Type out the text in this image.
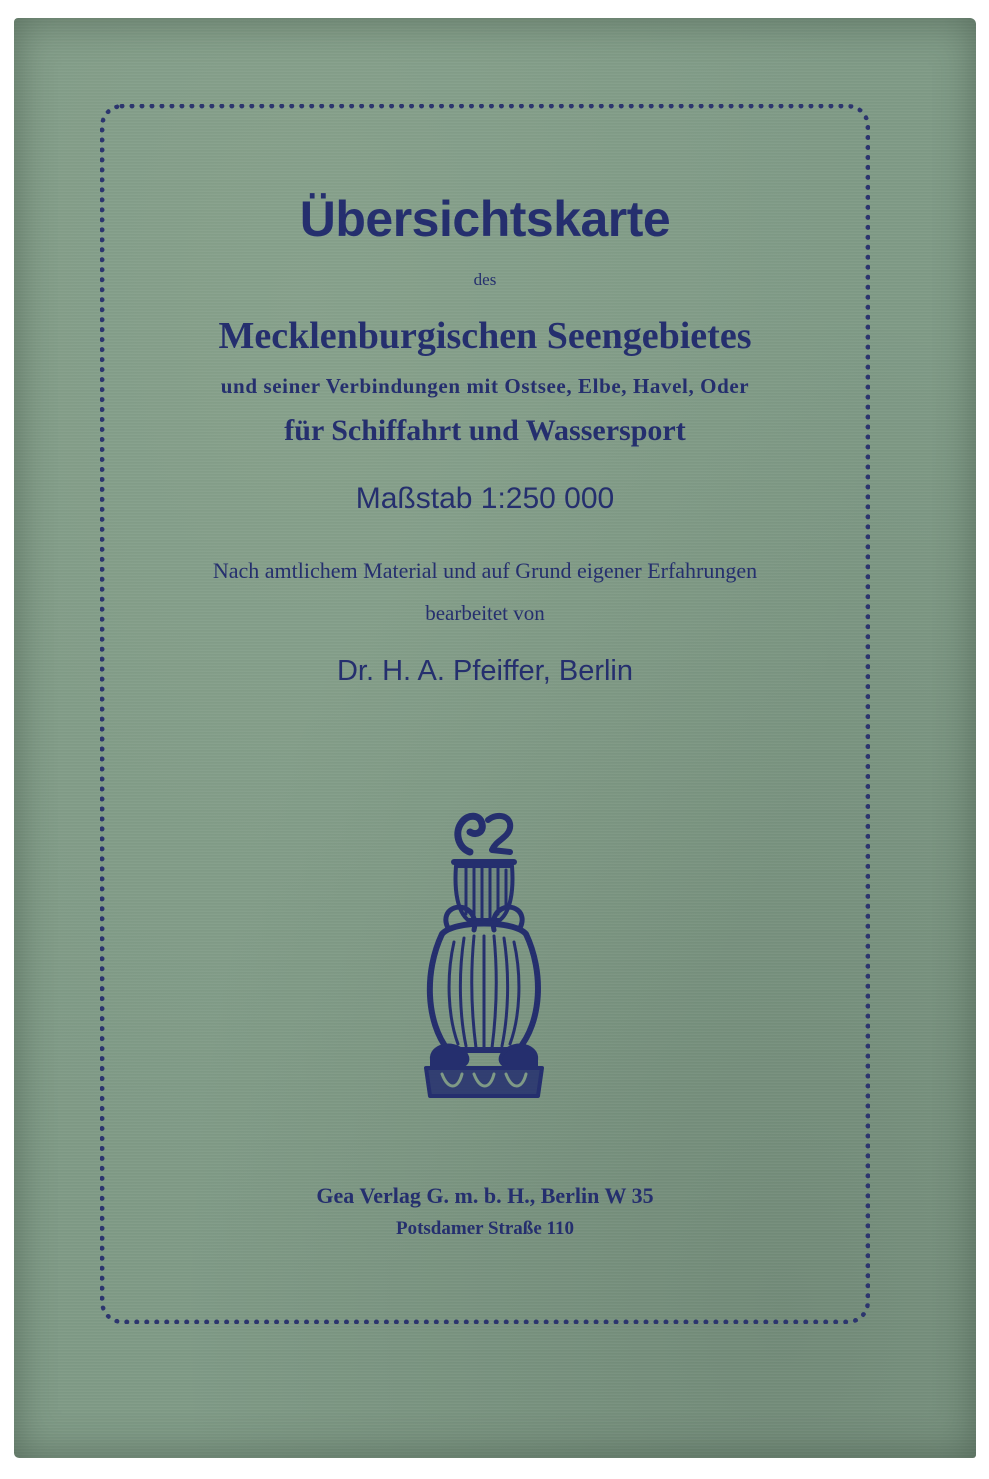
Übersichtskarte
des
Mecklenburgischen Seengebietes
und seiner Verbindungen mit Ostsee, Elbe, Havel, Oder
für Schiffahrt und Wassersport
Maßstab 1:250 000
Nach amtlichem Material und auf Grund eigener Erfahrungen
bearbeitet von
Dr. H. A. Pfeiffer, Berlin
Gea Verlag G. m. b. H., Berlin W 35
Potsdamer Straße 110
